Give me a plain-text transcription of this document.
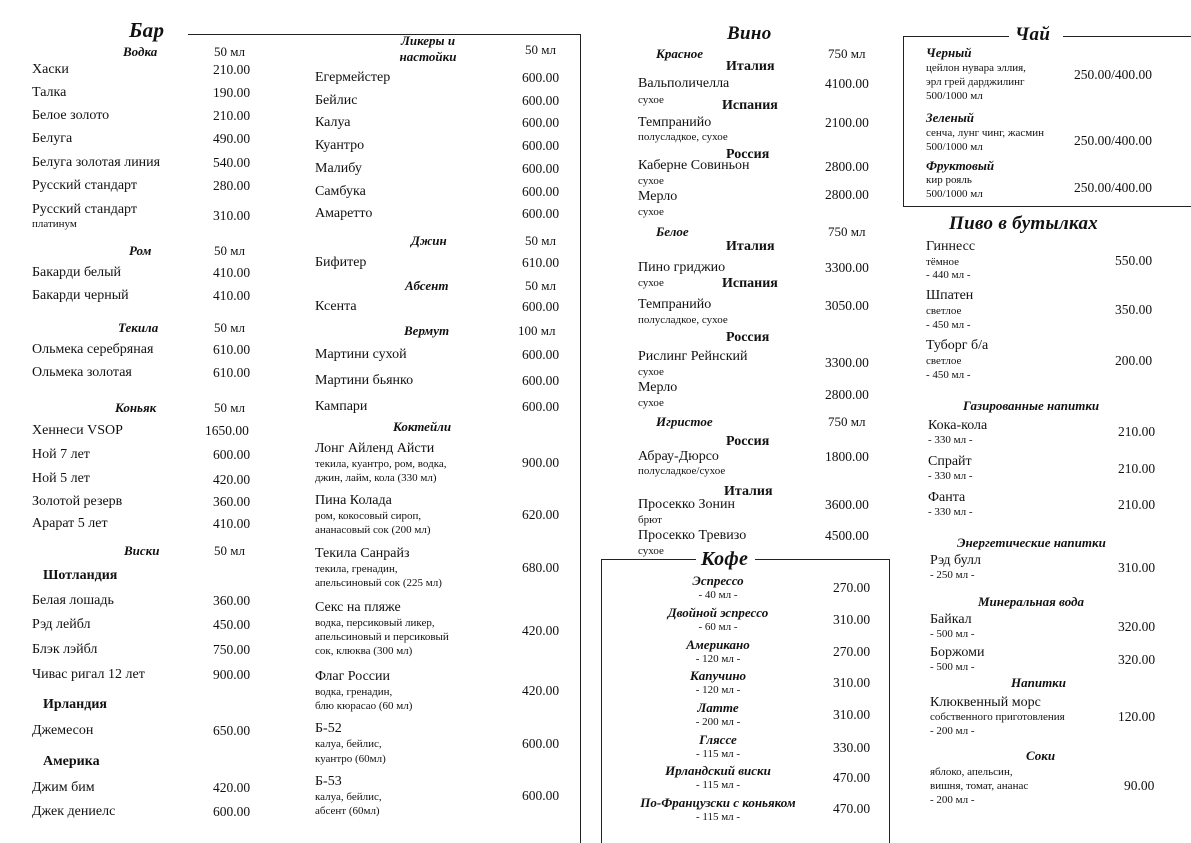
Бар
Водка	50 мл
Хаски	210.00
Талка	190.00
Белое золото	210.00
Белуга	490.00
Белуга золотая линия	540.00
Русский стандарт	280.00
Русский стандарт
платинум
310.00
Ром	50 мл
Бакарди белый	410.00
Бакарди черный	410.00
Текила	50 мл
Ольмека серебряная	610.00
Ольмека золотая	610.00
Коньяк	50 мл
Хеннеси VSOP	1650.00
Ной 7 лет	600.00
Ной 5 лет	420.00
Золотой резерв	360.00
Арарат 5 лет	410.00
Виски	50 мл
Шотландия
Белая лошадь	360.00
Рэд лейбл	450.00
Блэк лэйбл	750.00
Чивас ригал 12 лет	900.00
Ирландия
Джемесон	650.00
Америка
Джим бим	420.00
Джек дениелс	600.00
Ликеры и настойки	50 мл
Егермейстер	600.00
Бейлис	600.00
Калуа	600.00
Куантро	600.00
Малибу	600.00
Самбука	600.00
Амаретто	600.00
Джин	50 мл
Бифитер	610.00
Абсент	50 мл
Ксента	600.00
Вермут	100 мл
Мартини сухой	600.00
Мартини бьянко	600.00
Кампари	600.00
Коктейли
Лонг Айленд Айсти
текила, куантро, ром, водка,
джин, лайм, кола (330 мл)
900.00
Пина Колада
ром, кокосовый сироп,
ананасовый сок (200 мл)
620.00
Текила Санрайз
текила, гренадин,
апельсиновый сок (225 мл)
680.00
Секс на пляже
водка, персиковый ликер,
апельсиновый и персиковый
сок, клюква (300 мл)
420.00
Флаг России
водка, гренадин,
блю кюрасао (60 мл)
420.00
Б-52
калуа, бейлис,
куантро (60мл)
600.00
Б-53
калуа, бейлис,
абсент (60мл)
600.00
Вино
Красное	750 мл
Италия
Вальполичелла
сухое
4100.00
Испания
Темпранийо
полусладкое, сухое
2100.00
Россия
Каберне Совиньон
сухое
2800.00
Мерло
сухое
2800.00
Белое	750 мл
Италия
Пино гриджио
сухое
3300.00
Испания
Темпранийо
полусладкое, сухое
3050.00
Россия
Рислинг Рейнский
сухое
3300.00
Мерло
сухое
2800.00
Игристое	750 мл
Россия
Абрау-Дюрсо
полусладкое/сухое
1800.00
Италия
Просекко Зонин
брют
3600.00
Просекко Тревизо
сухое
4500.00
Кофе
Эспрессо
- 40 мл -	270.00
Двойной эспрессо
- 60 мл -	310.00
Американо
- 120 мл -	270.00
Капучино
- 120 мл -	310.00
Латте
- 200 мл -	310.00
Гляссе
- 115 мл -	330.00
Ирландский виски
- 115 мл -	470.00
По-Французски с коньяком
- 115 мл -
470.00
Чай
Черный
цейлон нувара эллия,
эрл грей дарджилинг
500/1000 мл
250.00/400.00
Зеленый
сенча, лунг чинг, жасмин
500/1000 мл	250.00/400.00
Фруктовый
кир рояль
500/1000 мл	250.00/400.00
Пиво в бутылках
Гиннесс
тёмное
- 440 мл -
550.00
Шпатен
светлое
- 450 мл -
350.00
Туборг б/а
светлое
- 450 мл -
200.00
Газированные напитки
Кока-кола
- 330 мл -
210.00
Спрайт
- 330 мл -	210.00
Фанта
- 330 мл -	210.00
Энергетические напитки
Рэд булл
- 250 мл -	310.00
Минеральная вода
Байкал
- 500 мл -	320.00
Боржоми
- 500 мл -	320.00
Напитки
Клюквенный морс
собственного приготовления
- 200 мл -
120.00
Соки
яблоко, апельсин,
вишня, томат, ананас
- 200 мл -
90.00
